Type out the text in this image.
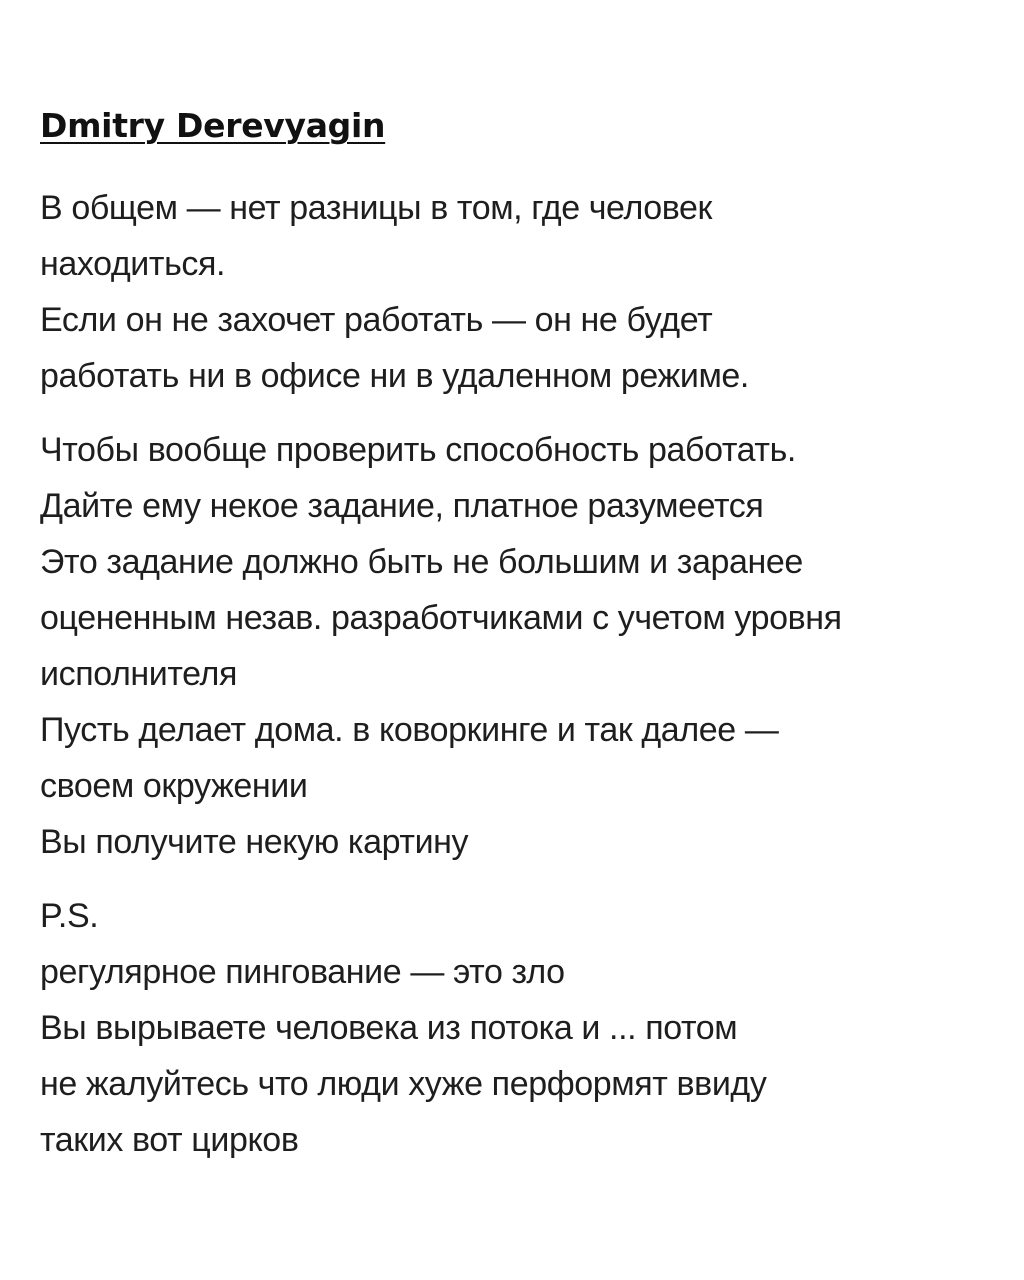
Dmitry Derevyagin
В общем — нет разницы в том, где человек
находиться.
Если он не захочет работать — он не будет
работать ни в офисе ни в удаленном режиме.
Чтобы вообще проверить способность работать.
Дайте ему некое задание, платное разумеется
Это задание должно быть не большим и заранее
оцененным незав. разработчиками с учетом уровня
исполнителя
Пусть делает дома. в коворкинге и так далее —
своем окружении
Вы получите некую картину
P.S.
регулярное пингование — это зло
Вы вырываете человека из потока и ... потом
не жалуйтесь что люди хуже перформят ввиду
таких вот цирков
